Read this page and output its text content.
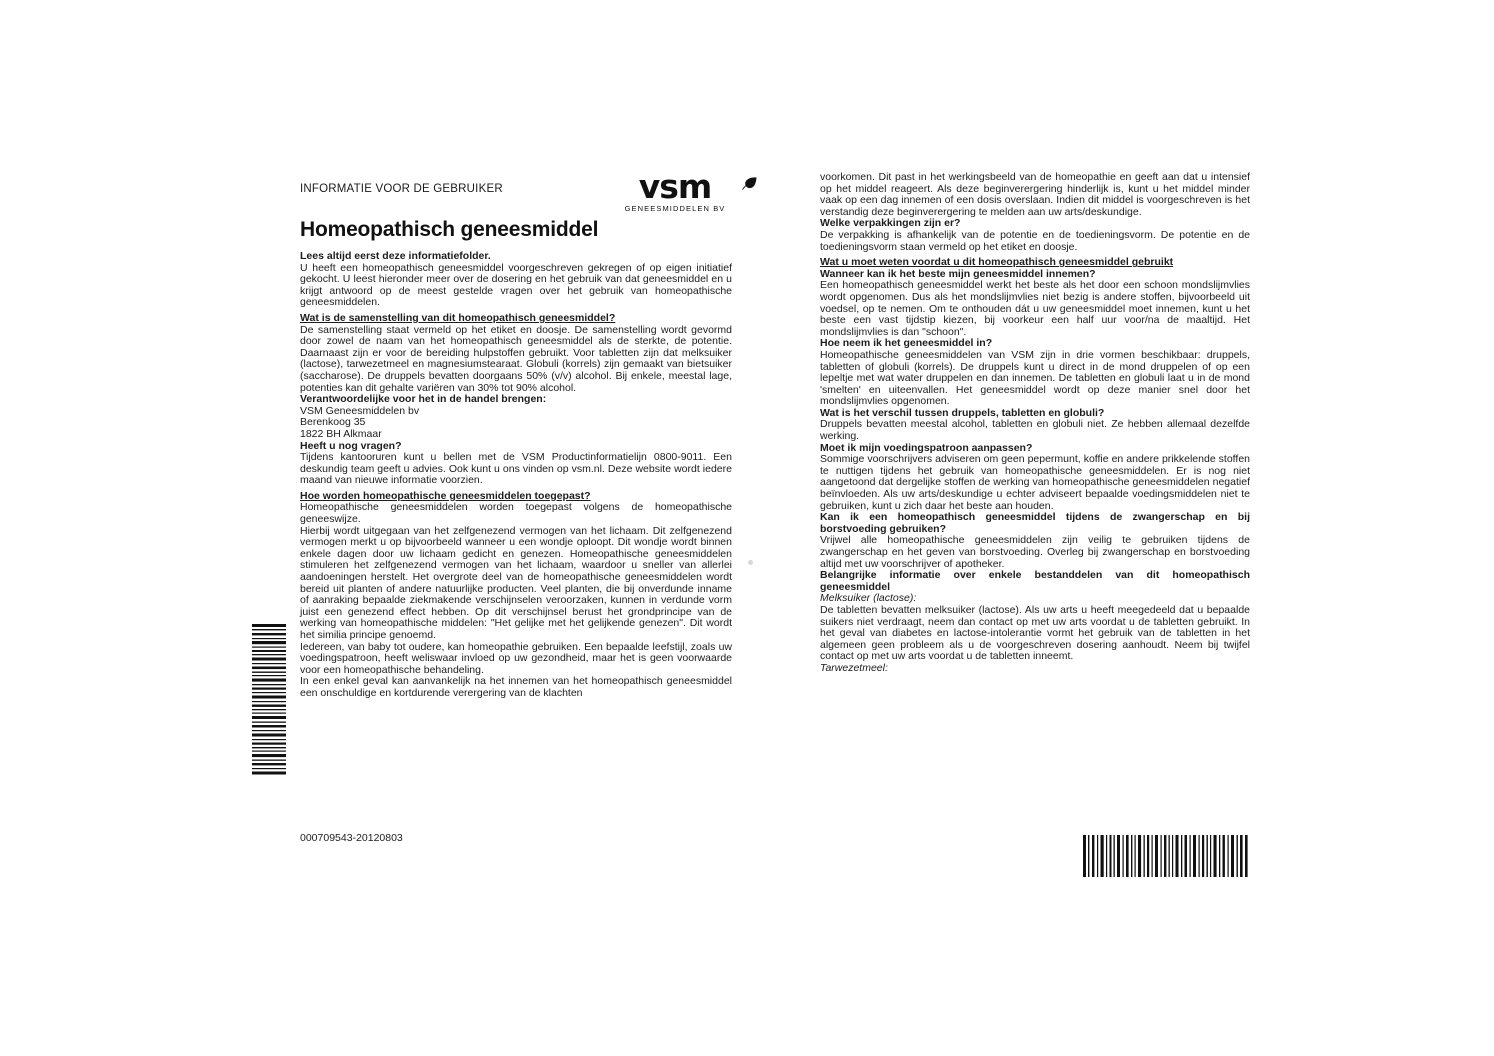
INFORMATIE VOOR DE GEBRUIKER	vsm
GENEESMIDDELEN BV
Homeopathisch geneesmiddel

Lees altijd eerst deze informatiefolder.

U heeft een homeopathisch geneesmiddel voorgeschreven gekregen of op eigen initiatief gekocht. U leest hieronder meer over de dosering en het gebruik van dat geneesmiddel en u krijgt antwoord op de meest gestelde vragen over het gebruik van homeopathische geneesmiddelen.

Wat is de samenstelling van dit homeopathisch geneesmiddel?

De samenstelling staat vermeld op het etiket en doosje. De samenstelling wordt gevormd door zowel de naam van het homeopathisch geneesmiddel als de sterkte, de potentie. Daarnaast zijn er voor de bereiding hulpstoffen gebruikt. Voor tabletten zijn dat melksuiker (lactose), tarwezetmeel en magnesiumstearaat. Globuli (korrels) zijn gemaakt van bietsuiker (saccharose). De druppels bevatten doorgaans 50% (v/v) alcohol. Bij enkele, meestal lage, potenties kan dit gehalte variëren van 30% tot 90% alcohol.

Verantwoordelijke voor het in de handel brengen:

VSM Geneesmiddelen bv

Berenkoog 35

1822 BH Alkmaar

Heeft u nog vragen?

Tijdens kantooruren kunt u bellen met de VSM Productinformatielijn 0800-9011. Een deskundig team geeft u advies. Ook kunt u ons vinden op vsm.nl. Deze website wordt iedere maand van nieuwe informatie voorzien.

Hoe worden homeopathische geneesmiddelen toegepast?

Homeopathische geneesmiddelen worden toegepast volgens de homeopathische geneeswijze.

Hierbij wordt uitgegaan van het zelfgenezend vermogen van het lichaam. Dit zelfgenezend vermogen merkt u op bijvoorbeeld wanneer u een wondje oploopt. Dit wondje wordt binnen enkele dagen door uw lichaam gedicht en genezen. Homeopathische geneesmiddelen stimuleren het zelfgenezend vermogen van het lichaam, waardoor u sneller van allerlei aandoeningen herstelt. Het overgrote deel van de homeopathische geneesmiddelen wordt bereid uit planten of andere natuurlijke producten. Veel planten, die bij onverdunde inname of aanraking bepaalde ziekmakende verschijnselen veroorzaken, kunnen in verdunde vorm juist een genezend effect hebben. Op dit verschijnsel berust het grondprincipe van de werking van homeopathische middelen: "Het gelijke met het gelijkende genezen". Dit wordt het similia principe genoemd.

Iedereen, van baby tot oudere, kan homeopathie gebruiken. Een bepaalde leefstijl, zoals uw voedingspatroon, heeft weliswaar invloed op uw gezondheid, maar het is geen voorwaarde voor een homeopathische behandeling.

In een enkel geval kan aanvankelijk na het innemen van het homeopathisch geneesmiddel een onschuldige en kortdurende verergering van de klachten

voorkomen. Dit past in het werkingsbeeld van de homeopathie en geeft aan dat u intensief op het middel reageert. Als deze beginverergering hinderlijk is, kunt u het middel minder vaak op een dag innemen of een dosis overslaan. Indien dit middel is voorgeschreven is het verstandig deze beginverergering te melden aan uw arts/deskundige.

Welke verpakkingen zijn er?

De verpakking is afhankelijk van de potentie en de toedieningsvorm. De potentie en de toedieningsvorm staan vermeld op het etiket en doosje.

Wat u moet weten voordat u dit homeopathisch geneesmiddel gebruikt

Wanneer kan ik het beste mijn geneesmiddel innemen?

Een homeopathisch geneesmiddel werkt het beste als het door een schoon mondslijmvlies wordt opgenomen. Dus als het mondslijmvlies niet bezig is andere stoffen, bijvoorbeeld uit voedsel, op te nemen. Om te onthouden dát u uw geneesmiddel moet innemen, kunt u het beste een vast tijdstip kiezen, bij voorkeur een half uur voor/na de maaltijd. Het mondslijmvlies is dan "schoon".

Hoe neem ik het geneesmiddel in?

Homeopathische geneesmiddelen van VSM zijn in drie vormen beschikbaar: druppels, tabletten of globuli (korrels). De druppels kunt u direct in de mond druppelen of op een lepeltje met wat water druppelen en dan innemen. De tabletten en globuli laat u in de mond 'smelten' en uiteenvallen. Het geneesmiddel wordt op deze manier snel door het mondslijmvlies opgenomen.

Wat is het verschil tussen druppels, tabletten en globuli?

Druppels bevatten meestal alcohol, tabletten en globuli niet. Ze hebben allemaal dezelfde werking.

Moet ik mijn voedingspatroon aanpassen?

Sommige voorschrijvers adviseren om geen pepermunt, koffie en andere prikkelende stoffen te nuttigen tijdens het gebruik van homeopathische geneesmiddelen. Er is nog niet aangetoond dat dergelijke stoffen de werking van homeopathische geneesmiddelen negatief beïnvloeden. Als uw arts/deskundige u echter adviseert bepaalde voedingsmiddelen niet te gebruiken, kunt u zich daar het beste aan houden.

Kan ik een homeopathisch geneesmiddel tijdens de zwangerschap en bij borstvoeding gebruiken?

Vrijwel alle homeopathische geneesmiddelen zijn veilig te gebruiken tijdens de zwangerschap en het geven van borstvoeding. Overleg bij zwangerschap en borstvoeding altijd met uw voorschrijver of apotheker.

Belangrijke informatie over enkele bestanddelen van dit homeopathisch geneesmiddel

Melksuiker (lactose):

De tabletten bevatten melksuiker (lactose). Als uw arts u heeft meegedeeld dat u bepaalde suikers niet verdraagt, neem dan contact op met uw arts voordat u de tabletten gebruikt. In het geval van diabetes en lactose-intolerantie vormt het gebruik van de tabletten in het algemeen geen probleem als u de voorgeschreven dosering aanhoudt. Neem bij twijfel contact op met uw arts voordat u de tabletten inneemt.

Tarwezetmeel:

000709543-20120803
